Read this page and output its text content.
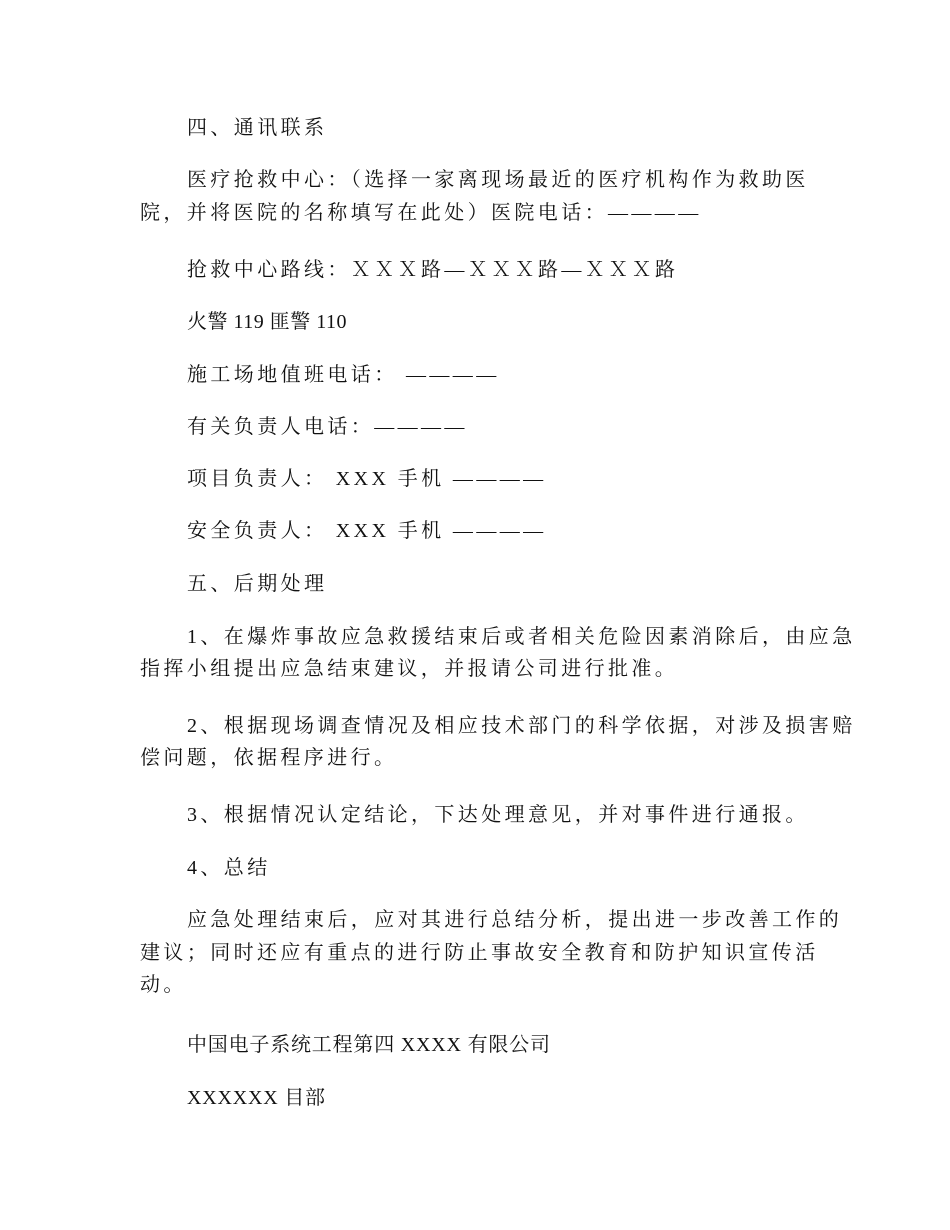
四、通讯联系
医疗抢救中心：（选择一家离现场最近的医疗机构作为救助医
院，并将医院的名称填写在此处）医院电话：————
抢救中心路线：ＸＸＸ路—ＸＸＸ路—ＸＸＸ路
火警 119 匪警 110
施工场地值班电话： ————
有关负责人电话：————
项目负责人： XXX 手机 ————
安全负责人： XXX 手机 ————
五、后期处理
1、在爆炸事故应急救援结束后或者相关危险因素消除后，由应急
指挥小组提出应急结束建议，并报请公司进行批准。
2、根据现场调查情况及相应技术部门的科学依据，对涉及损害赔
偿问题，依据程序进行。
3、根据情况认定结论，下达处理意见，并对事件进行通报。
4、总结
应急处理结束后，应对其进行总结分析，提出进一步改善工作的
建议；同时还应有重点的进行防止事故安全教育和防护知识宣传活
动。
中国电子系统工程第四 XXXX 有限公司
XXXXXX 目部
